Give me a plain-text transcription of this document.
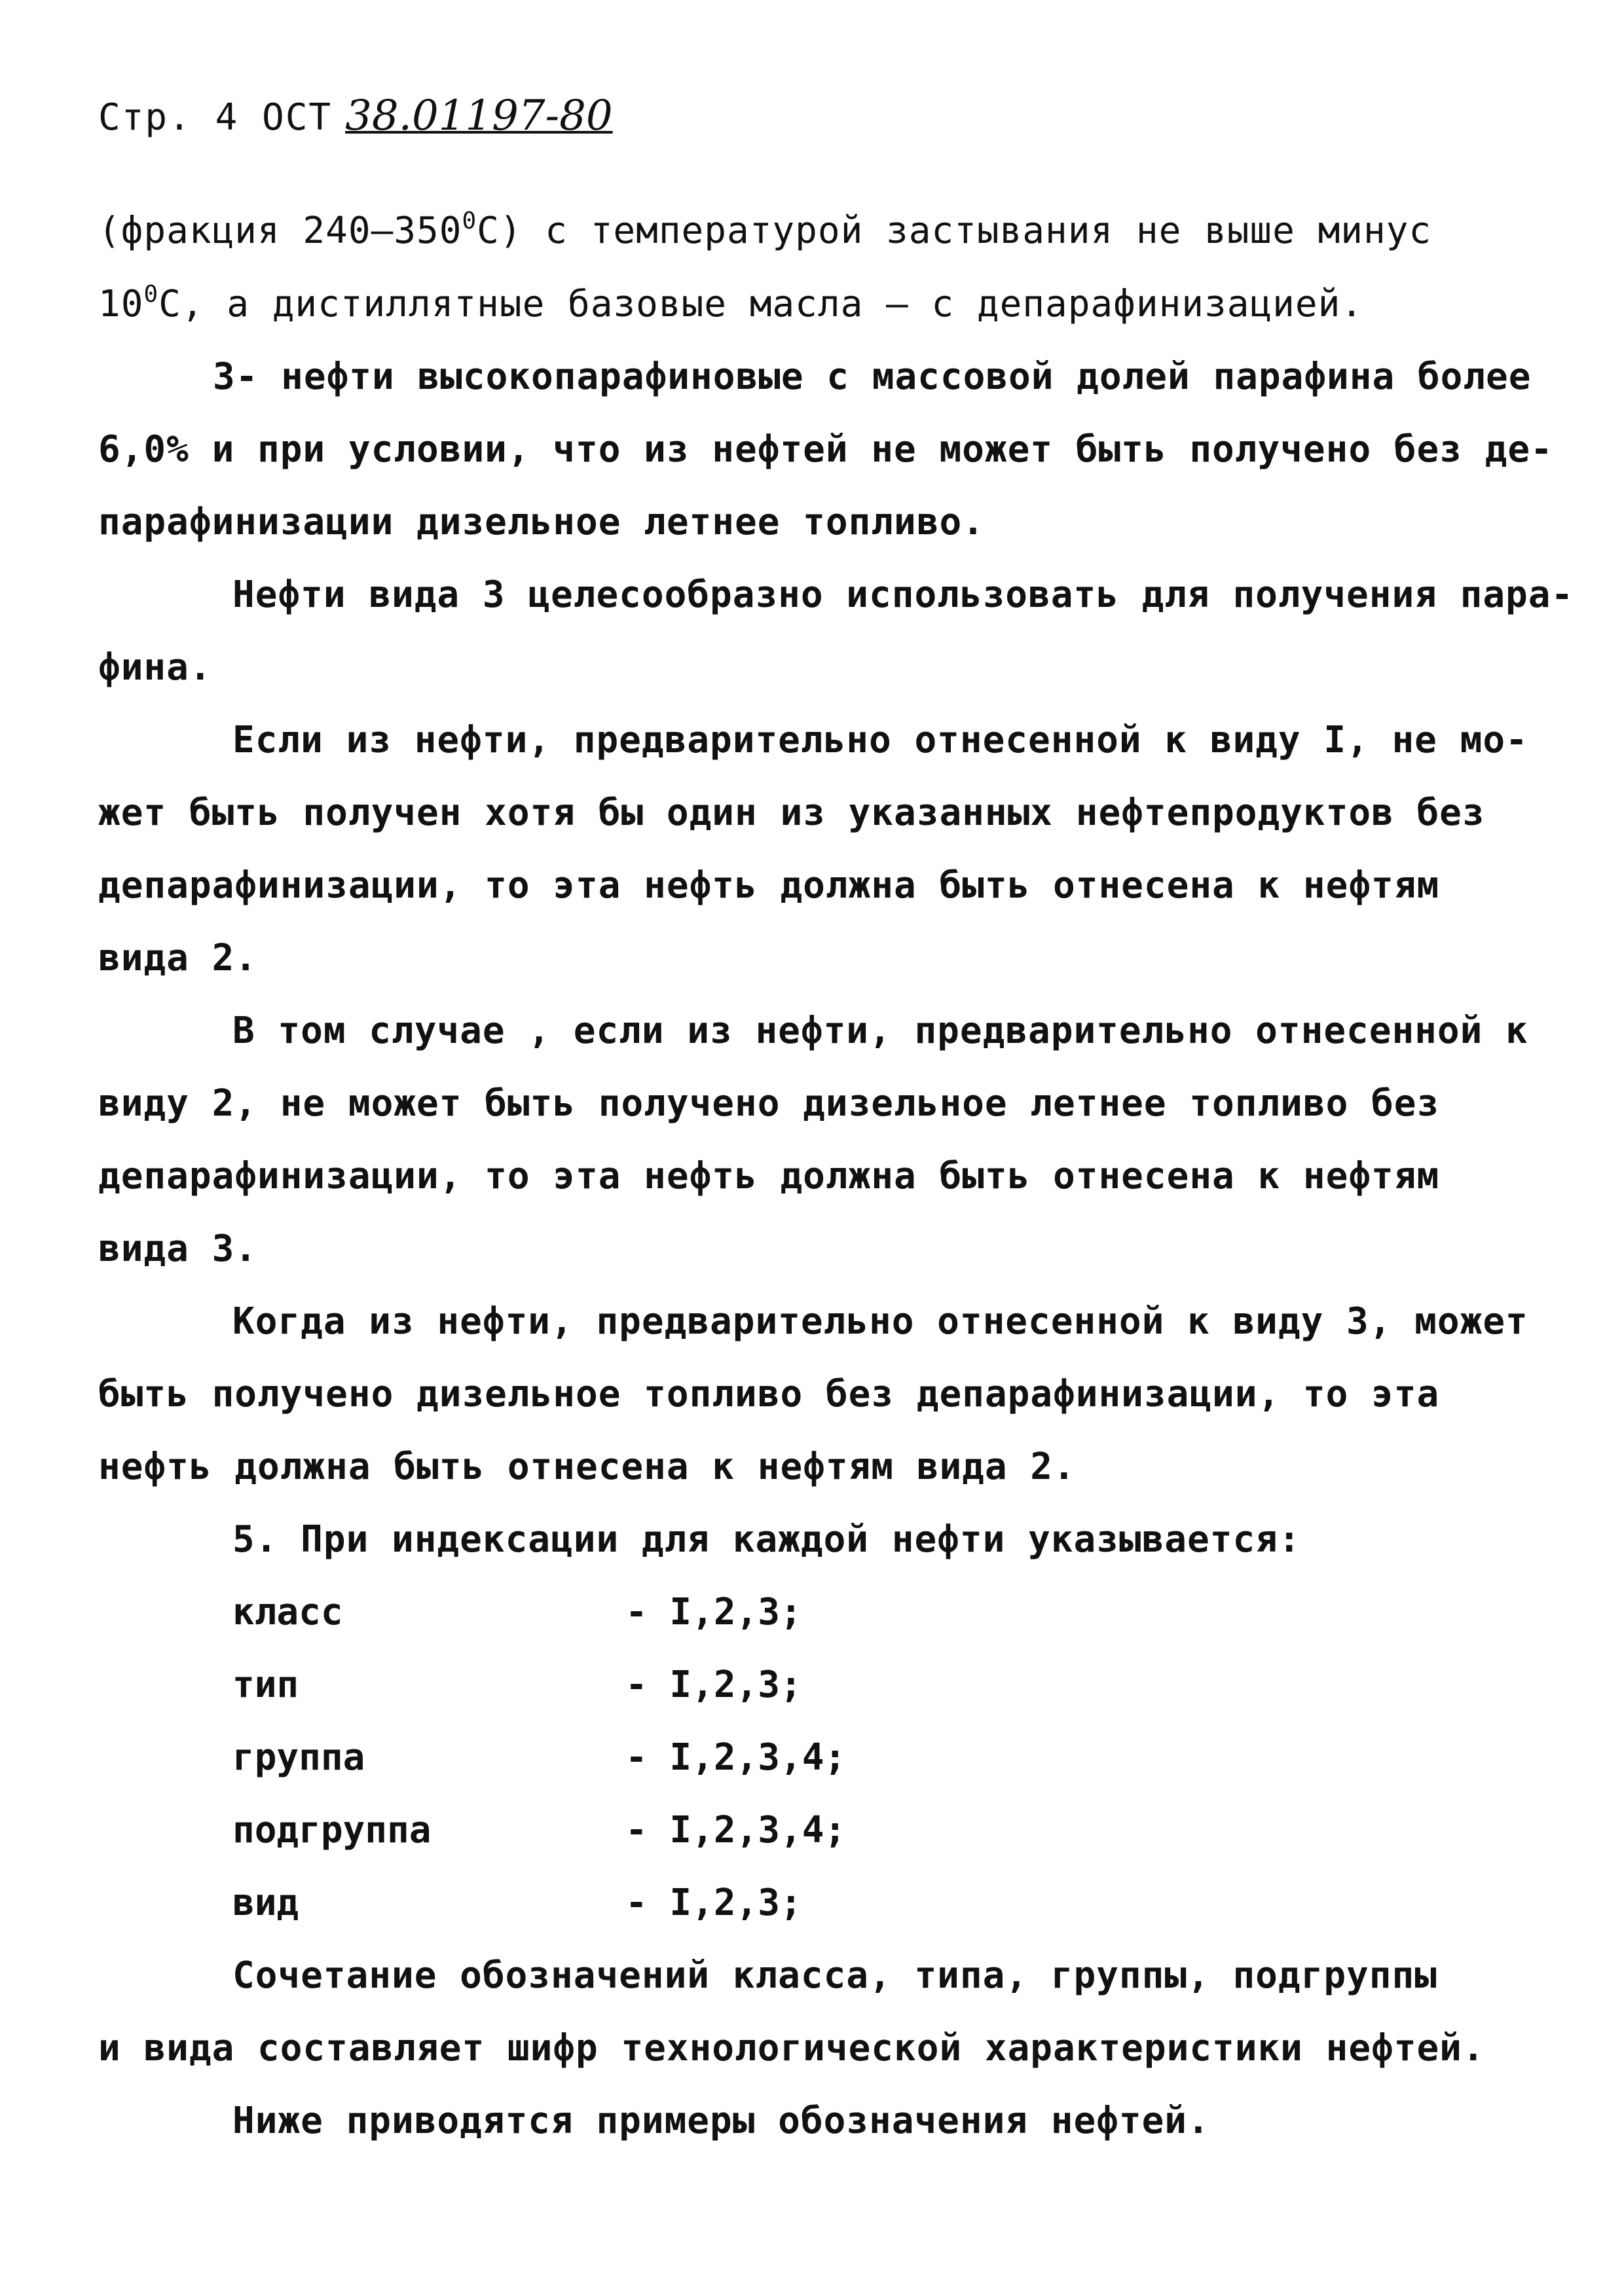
Стр. 4 ОСТ 38.01197-80
(фракция $240-350^0С$) с температурой застывания не выше минус
$10^0С$, а дистиллятные базовые масла – с депарафинизацией.
3- нефти высокопарафиновые с массовой долей парафина более
6,0% и при условии, что из нефтей не может быть получено без де-
парафинизации дизельное летнее топливо.
Нефти вида 3 целесообразно использовать для получения пара-
фина.
Если из нефти, предварительно отнесенной к виду I, не мо-
жет быть получен хотя бы один из указанных нефтепродуктов без
депарафинизации, то эта нефть должна быть отнесена к нефтям
вида 2.
В том случае , если из нефти, предварительно отнесенной к
виду 2, не может быть получено дизельное летнее топливо без
депарафинизации, то эта нефть должна быть отнесена к нефтям
вида 3.
Когда из нефти, предварительно отнесенной к виду 3, может
быть получено дизельное топливо без депарафинизации, то эта
нефть должна быть отнесена к нефтям вида 2.
5. При индексации для каждой нефти указывается:
класс	- I,2,3;
тип	- I,2,3;
группа	- I,2,3,4;
подгруппа	- I,2,3,4;
вид	- I,2,3;
Сочетание обозначений класса, типа, группы, подгруппы
и вида составляет шифр технологической характеристики нефтей.
Ниже приводятся примеры обозначения нефтей.
